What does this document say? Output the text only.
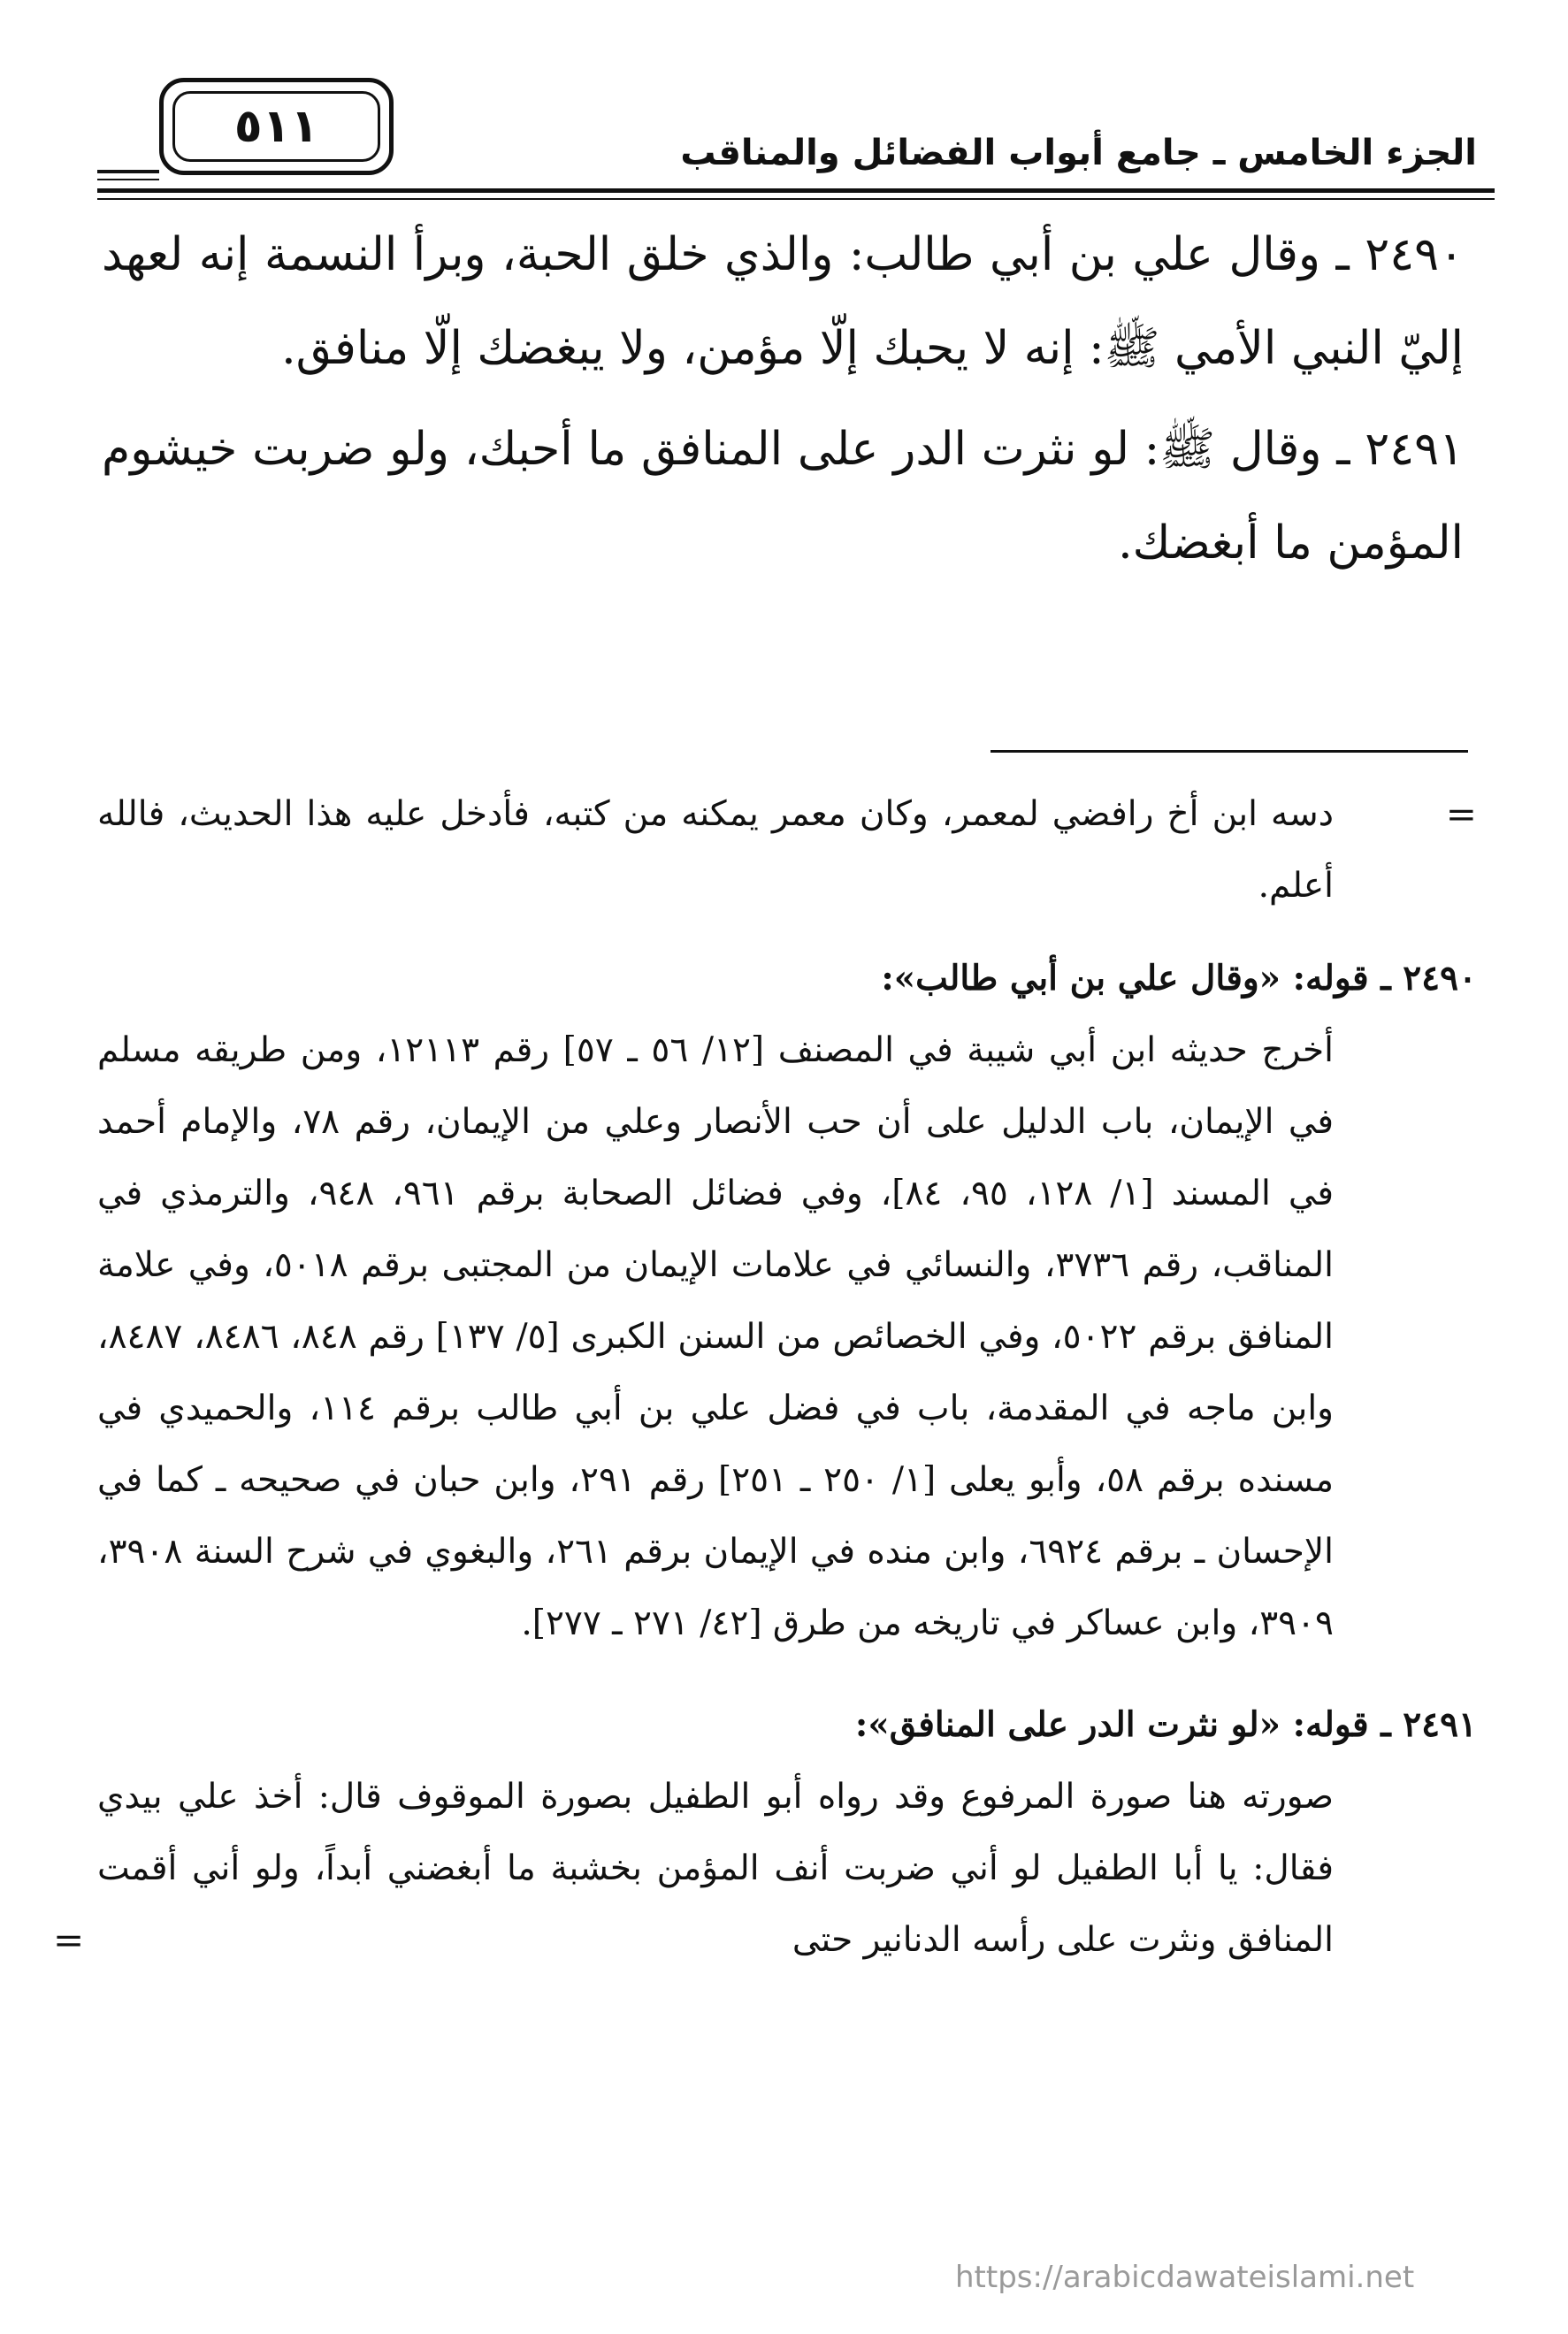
٥١١	الجزء الخامس ـ جامع أبواب الفضائل والمناقب

٢٤٩٠ ـ وقال علي بن أبي طالب: والذي خلق الحبة، وبرأ النسمة إنه لعهد إليّ النبي الأمي ﷺ: إنه لا يحبك إلّا مؤمن، ولا يبغضك إلّا منافق.

٢٤٩١ ـ وقال ﷺ: لو نثرت الدر على المنافق ما أحبك، ولو ضربت خيشوم المؤمن ما أبغضك.

=
دسه ابن أخ رافضي لمعمر، وكان معمر يمكنه من كتبه، فأدخل عليه هذا الحديث، فالله أعلم.

٢٤٩٠ ـ قوله: «وقال علي بن أبي طالب»:

أخرج حديثه ابن أبي شيبة في المصنف [١٢/ ٥٦ ـ ٥٧] رقم ١٢١١٣، ومن طريقه مسلم في الإيمان، باب الدليل على أن حب الأنصار وعلي من الإيمان، رقم ٧٨، والإمام أحمد في المسند [١/ ١٢٨، ٩٥، ٨٤]، وفي فضائل الصحابة برقم ٩٦١، ٩٤٨، والترمذي في المناقب، رقم ٣٧٣٦، والنسائي في علامات الإيمان من المجتبى برقم ٥٠١٨، وفي علامة المنافق برقم ٥٠٢٢، وفي الخصائص من السنن الكبرى [٥/ ١٣٧] رقم ٨٤٨، ٨٤٨٦، ٨٤٨٧، وابن ماجه في المقدمة، باب في فضل علي بن أبي طالب برقم ١١٤، والحميدي في مسنده برقم ٥٨، وأبو يعلى [١/ ٢٥٠ ـ ٢٥١] رقم ٢٩١، وابن حبان في صحيحه ـ كما في الإحسان ـ برقم ٦٩٢٤، وابن منده في الإيمان برقم ٢٦١، والبغوي في شرح السنة ٣٩٠٨، ٣٩٠٩، وابن عساكر في تاريخه من طرق [٤٢/ ٢٧١ ـ ٢٧٧].

٢٤٩١ ـ قوله: «لو نثرت الدر على المنافق»:

صورته هنا صورة المرفوع وقد رواه أبو الطفيل بصورة الموقوف قال: أخذ علي بيدي فقال: يا أبا الطفيل لو أني ضربت أنف المؤمن بخشبة ما أبغضني أبداً، ولو أني أقمت المنافق ونثرت على رأسه الدنانير حتى
=
https://arabicdawateislami.net
